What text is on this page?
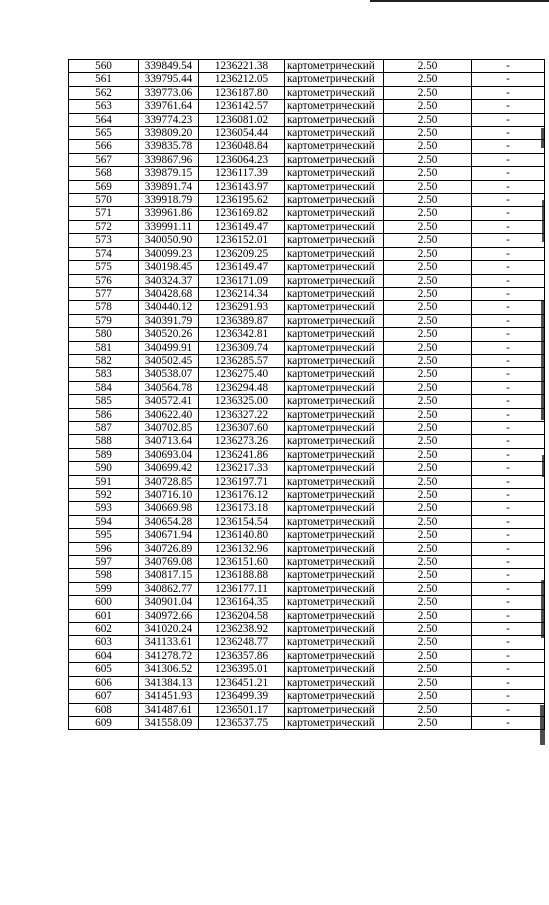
560	339849.54	1236221.38	картометрический	2.50	-
561	339795.44	1236212.05	картометрический	2.50	-
562	339773.06	1236187.80	картометрический	2.50	-
563	339761.64	1236142.57	картометрический	2.50	-
564	339774.23	1236081.02	картометрический	2.50	-
565	339809.20	1236054.44	картометрический	2.50	-
566	339835.78	1236048.84	картометрический	2.50	-
567	339867.96	1236064.23	картометрический	2.50	-
568	339879.15	1236117.39	картометрический	2.50	-
569	339891.74	1236143.97	картометрический	2.50	-
570	339918.79	1236195.62	картометрический	2.50	-
571	339961.86	1236169.82	картометрический	2.50	-
572	339991.11	1236149.47	картометрический	2.50	-
573	340050.90	1236152.01	картометрический	2.50	-
574	340099.23	1236209.25	картометрический	2.50	-
575	340198.45	1236149.47	картометрический	2.50	-
576	340324.37	1236171.09	картометрический	2.50	-
577	340428.68	1236214.34	картометрический	2.50	-
578	340440.12	1236291.93	картометрический	2.50	-
579	340391.79	1236389.87	картометрический	2.50	-
580	340520.26	1236342.81	картометрический	2.50	-
581	340499.91	1236309.74	картометрический	2.50	-
582	340502.45	1236285.57	картометрический	2.50	-
583	340538.07	1236275.40	картометрический	2.50	-
584	340564.78	1236294.48	картометрический	2.50	-
585	340572.41	1236325.00	картометрический	2.50	-
586	340622.40	1236327.22	картометрический	2.50	-
587	340702.85	1236307.60	картометрический	2.50	-
588	340713.64	1236273.26	картометрический	2.50	-
589	340693.04	1236241.86	картометрический	2.50	-
590	340699.42	1236217.33	картометрический	2.50	-
591	340728.85	1236197.71	картометрический	2.50	-
592	340716.10	1236176.12	картометрический	2.50	-
593	340669.98	1236173.18	картометрический	2.50	-
594	340654.28	1236154.54	картометрический	2.50	-
595	340671.94	1236140.80	картометрический	2.50	-
596	340726.89	1236132.96	картометрический	2.50	-
597	340769.08	1236151.60	картометрический	2.50	-
598	340817.15	1236188.88	картометрический	2.50	-
599	340862.77	1236177.11	картометрический	2.50	-
600	340901.04	1236164.35	картометрический	2.50	-
601	340972.66	1236204.58	картометрический	2.50	-
602	341020.24	1236238.92	картометрический	2.50	-
603	341133.61	1236248.77	картометрический	2.50	-
604	341278.72	1236357.86	картометрический	2.50	-
605	341306.52	1236395.01	картометрический	2.50	-
606	341384.13	1236451.21	картометрический	2.50	-
607	341451.93	1236499.39	картометрический	2.50	-
608	341487.61	1236501.17	картометрический	2.50	-
609	341558.09	1236537.75	картометрический	2.50	-
